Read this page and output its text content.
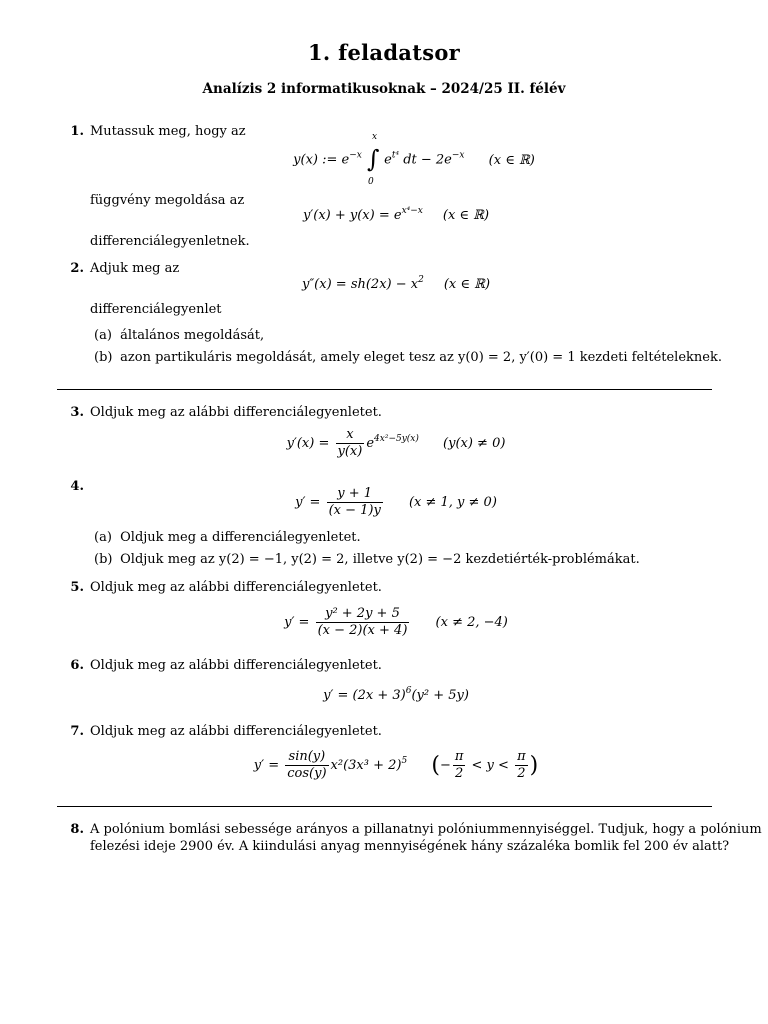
1. feladatsor
Analízis 2 informatikusoknak – 2024/25 II. félév
1. Mutassuk meg, hogy az
y(x) := $e^{-x}$
x
∫
0
$e^{t^4}$ dt − $2e^{-x}$ (x ∈ ℝ)
függvény megoldása az
$y'(x) + y(x) = e^{x^4-x}$ (x ∈ ℝ)
differenciálegyenletnek.
2. Adjuk meg az
$y''(x) = sh(2x) - x^2$ (x ∈ ℝ)
differenciálegyenlet
(a) általános megoldását,
(b) azon partikuláris megoldását, amely eleget tesz az y(0) = 2, y′(0) = 1 kezdeti feltételeknek.
3. Oldjuk meg az alábbi differenciálegyenletet.
$y'(x) = \frac{x}{y(x)} e^{4x^2-5y(x)}$ (y(x) ≠ 0)
4.
$y' = \frac{y + 1}{(x - 1)y} (x \ne 1$, y ≠ 0)
(a) Oldjuk meg a differenciálegyenletet.
(b) Oldjuk meg az y(2) = −1, y(2) = 2, illetve y(2) = −2 kezdetiérték-problémákat.
5. Oldjuk meg az alábbi differenciálegyenletet.
$y' = \frac{\text{y² + 2y + 5}}{(x - 2)(x + 4)} (x \ne 2$, −4)
6. Oldjuk meg az alábbi differenciálegyenletet.
$y' = (2x + 3)^6(y^2 + 5y)$
7. Oldjuk meg az alábbi differenciálegyenletet.
$y' = \frac{\sin(y)}{\cos(y)} x^2(3x^3 + 2)^5$ (− $\frac{\pi}{2} < y < \frac{\pi}{2}$ )
8. A polónium bomlási sebessége arányos a pillanatnyi polóniummennyiséggel. Tudjuk, hogy a polónium
felezési ideje 2900 év. A kiindulási anyag mennyiségének hány százaléka bomlik fel 200 év alatt?
